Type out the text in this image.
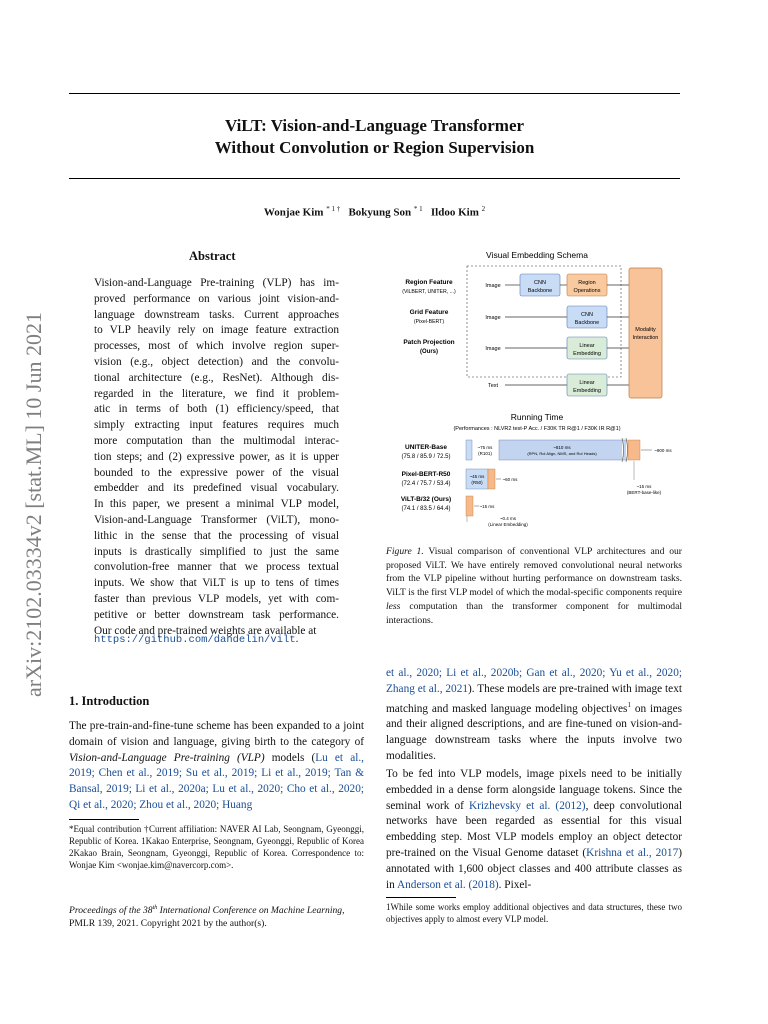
ViLT: Vision-and-Language Transformer
Without Convolution or Region Supervision
Wonjae Kim $^{* 1 \dagger}$ Bokyung Son $^{* 1}$ Ildoo Kim $^2$
arXiv:2102.03334v2 [stat.ML] 10 Jun 2021
Abstract
Vision-and-Language Pre-training (VLP) has im-
proved performance on various joint vision-and-
language downstream tasks. Current approaches
to VLP heavily rely on image feature extraction
processes, most of which involve region super-
vision (e.g., object detection) and the convolu-
tional architecture (e.g., ResNet). Although dis-
regarded in the literature, we find it problem-
atic in terms of both (1) efficiency/speed, that
simply extracting input features requires much
more computation than the multimodal interac-
tion steps; and (2) expressive power, as it is upper
bounded to the expressive power of the visual
embedder and its predefined visual vocabulary.
In this paper, we present a minimal VLP model,
Vision-and-Language Transformer (ViLT), mono-
lithic in the sense that the processing of visual
inputs is drastically simplified to just the same
convolution-free manner that we process textual
inputs. We show that ViLT is up to tens of times
faster than previous VLP models, yet with com-
petitive or better downstream task performance.
Our code and pre-trained weights are available at
https://github.com/dandelin/vilt.
1. Introduction

The pre-train-and-fine-tune scheme has been expanded to a joint domain of vision and language, giving birth to the category of Vision-and-Language Pre-training (VLP) models (Lu et al., 2019; Chen et al., 2019; Su et al., 2019; Li et al., 2019; Tan & Bansal, 2019; Li et al., 2020a; Lu et al., 2020; Cho et al., 2020; Qi et al., 2020; Zhou et al., 2020; Huang

*Equal contribution †Current affiliation: NAVER AI Lab, Seongnam, Gyeonggi, Republic of Korea. 1Kakao Enterprise, Seongnam, Gyeonggi, Republic of Korea 2Kakao Brain, Seongnam, Gyeonggi, Republic of Korea. Correspondence to: Wonjae Kim <wonjae.kim@navercorp.com>.
Proceedings of the 38th International Conference on Machine Learning, PMLR 139, 2021. Copyright 2021 by the author(s).
Visual Embedding Schema
Region Feature
(ViLBERT, UNITER, ...)
Image	CNN
Backbone
Region
Operations
Grid Feature
(Pixel-BERT)
Image	CNN
Backbone
Patch Projection
(Ours)	Image	Linear
Embedding
Text	Linear
Embedding
Modality
Interaction
Running Time
(Performances : NLVR2 test-P Acc. / F30K TR R@1 / F30K IR R@1)
UNITER-Base
(75.8 / 85.9 / 72.5)
~75 ms
(R101)
~810 ms
(RPN, RoI Align, NMS, and RoI Heads)
~900 ms
Pixel-BERT-R50
(72.4 / 75.7 / 53.4)
~45 ms
(R50)
~60 ms
ViLT-B/32 (Ours)
(74.1 / 83.5 / 64.4)	~15 ms
~0.4 ms
(Linear Embedding)
~15 ms
(BERT-base-like)
Figure 1. Visual comparison of conventional VLP architectures and our proposed ViLT. We have entirely removed convolutional neural networks from the VLP pipeline without hurting performance on downstream tasks. ViLT is the first VLP model of which the modal-specific components require less computation than the transformer component for multimodal interactions.

et al., 2020; Li et al., 2020b; Gan et al., 2020; Yu et al., 2020; Zhang et al., 2021). These models are pre-trained with image text matching and masked language modeling objectives$^1$ on images and their aligned descriptions, and are fine-tuned on vision-and-language downstream tasks where the inputs involve two modalities.

To be fed into VLP models, image pixels need to be initially embedded in a dense form alongside language tokens. Since the seminal work of Krizhevsky et al. (2012), deep convolutional networks have been regarded as essential for this visual embedding step. Most VLP models employ an object detector pre-trained on the Visual Genome dataset (Krishna et al., 2017) annotated with 1,600 object classes and 400 attribute classes as in Anderson et al. (2018). Pixel-

1While some works employ additional objectives and data structures, these two objectives apply to almost every VLP model.
